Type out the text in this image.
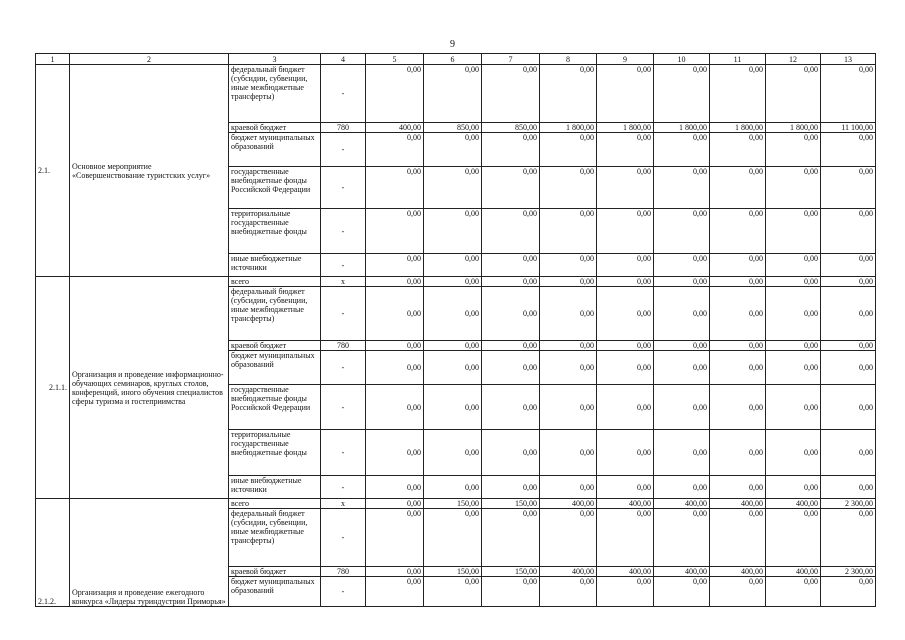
9
1	2	3	4	5	6	7	8	9	10	11	12	13
2.1.	Основное мероприятие «Совершенствование туристских услуг»	федеральный бюджет (субсидии, субвенции, иные межбюджетные трансферты)	-	0,00	0,00	0,00	0,00	0,00	0,00	0,00	0,00	0,00
		краевой бюджет	780	400,00	850,00	850,00	1 800,00	1 800,00	1 800,00	1 800,00	1 800,00	11 100,00
		бюджет муниципальных образований	-	0,00	0,00	0,00	0,00	0,00	0,00	0,00	0,00	0,00
		государственные внебюджетные фонды Российской Федерации	-	0,00	0,00	0,00	0,00	0,00	0,00	0,00	0,00	0,00
		территориальные государственные внебюджетные фонды	-	0,00	0,00	0,00	0,00	0,00	0,00	0,00	0,00	0,00
		иные внебюджетные источники	-	0,00	0,00	0,00	0,00	0,00	0,00	0,00	0,00	0,00
2.1.1.	Организация и проведение информационно-обучающих семинаров, круглых столов, конференций, иного обучения специалистов сферы туризма и гостеприимства	всего	х	0,00	0,00	0,00	0,00	0,00	0,00	0,00	0,00	0,00
		федеральный бюджет (субсидии, субвенции, иные межбюджетные трансферты)	-	0,00	0,00	0,00	0,00	0,00	0,00	0,00	0,00	0,00
		краевой бюджет	780	0,00	0,00	0,00	0,00	0,00	0,00	0,00	0,00	0,00
		бюджет муниципальных образований	-	0,00	0,00	0,00	0,00	0,00	0,00	0,00	0,00	0,00
		государственные внебюджетные фонды Российской Федерации	-	0,00	0,00	0,00	0,00	0,00	0,00	0,00	0,00	0,00
		территориальные государственные внебюджетные фонды	-	0,00	0,00	0,00	0,00	0,00	0,00	0,00	0,00	0,00
		иные внебюджетные источники	-	0,00	0,00	0,00	0,00	0,00	0,00	0,00	0,00	0,00
2.1.2.	Организация и проведение ежегодного конкурса «Лидеры туриндустрии Приморья»	всего	х	0,00	150,00	150,00	400,00	400,00	400,00	400,00	400,00	2 300,00
		федеральный бюджет (субсидии, субвенции, иные межбюджетные трансферты)	-	0,00	0,00	0,00	0,00	0,00	0,00	0,00	0,00	0,00
		краевой бюджет	780	0,00	150,00	150,00	400,00	400,00	400,00	400,00	400,00	2 300,00
		бюджет муниципальных образований	-	0,00	0,00	0,00	0,00	0,00	0,00	0,00	0,00	0,00
